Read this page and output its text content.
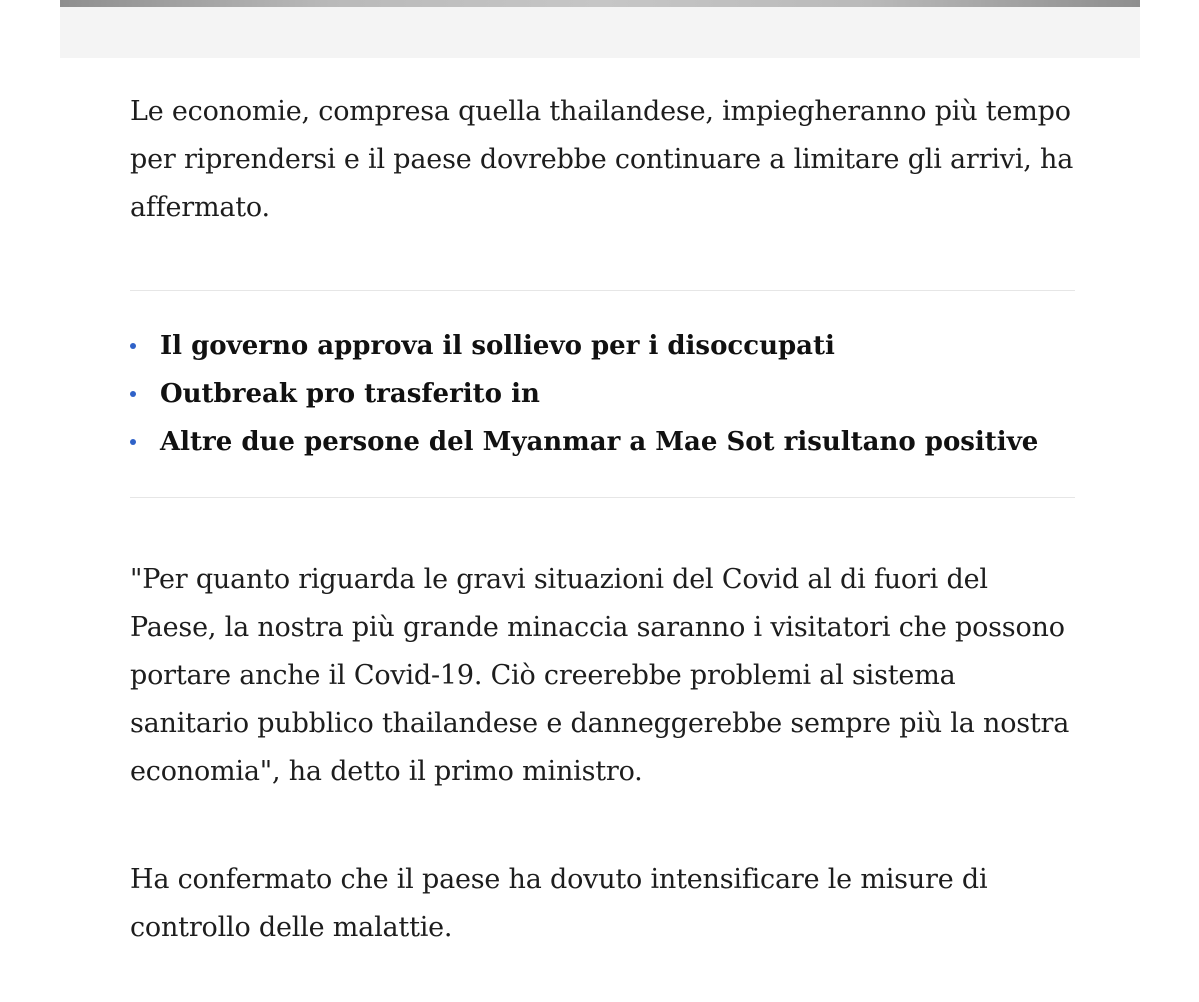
Le economie, compresa quella thailandese, impiegheranno più tempo per riprendersi e il paese dovrebbe continuare a limitare gli arrivi, ha affermato.

Il governo approva il sollievo per i disoccupati
Outbreak pro trasferito in
Altre due persone del Myanmar a Mae Sot risultano positive

"Per quanto riguarda le gravi situazioni del Covid al di fuori del Paese, la nostra più grande minaccia saranno i visitatori che possono portare anche il Covid-19. Ciò creerebbe problemi al sistema sanitario pubblico thailandese e danneggerebbe sempre più la nostra economia", ha detto il primo ministro.

Ha confermato che il paese ha dovuto intensificare le misure di controllo delle malattie.
